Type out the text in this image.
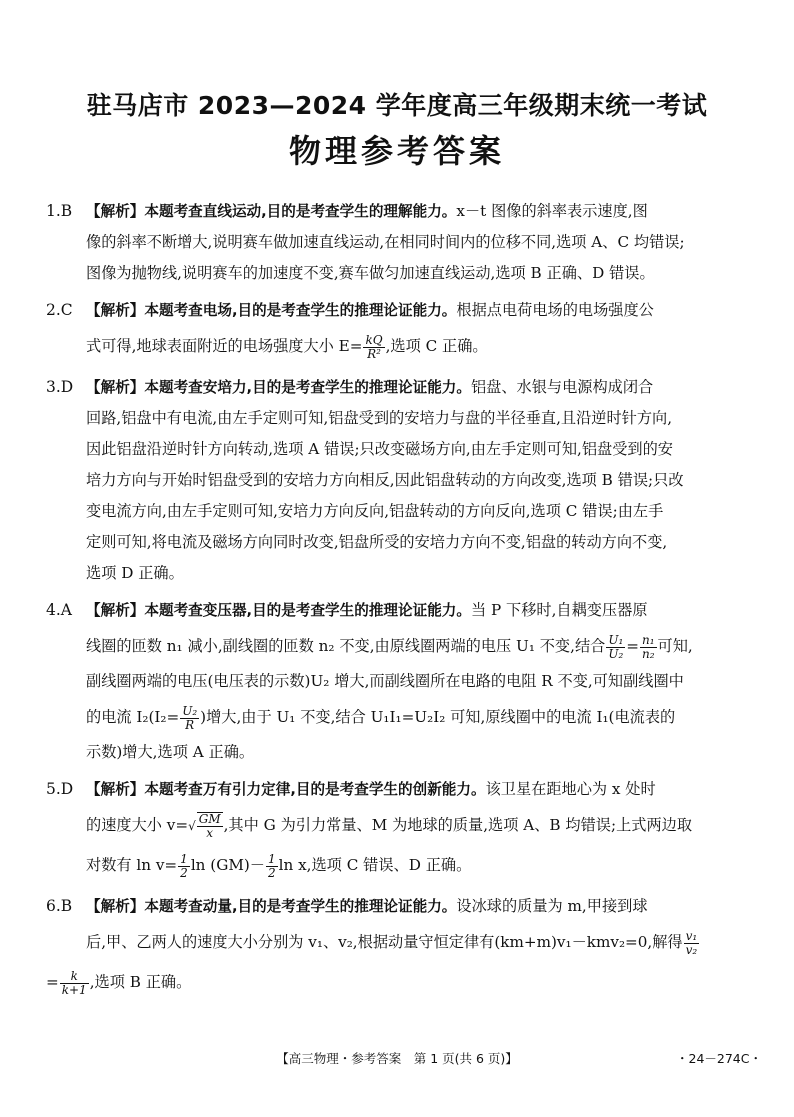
驻马店市 2023—2024 学年度高三年级期末统一考试
物理参考答案
1.B 【解析】本题考查直线运动,目的是考查学生的理解能力。x－t 图像的斜率表示速度,图
像的斜率不断增大,说明赛车做加速直线运动,在相同时间内的位移不同,选项 A、C 均错误;
图像为抛物线,说明赛车的加速度不变,赛车做匀加速直线运动,选项 B 正确、D 错误。
2.C 【解析】本题考查电场,目的是考查学生的推理论证能力。根据点电荷电场的电场强度公
式可得,地球表面附近的电场强度大小 $E= \frac{kQ}{\text{R²}}$ ,选项 C 正确。
3.D 【解析】本题考查安培力,目的是考查学生的推理论证能力。铝盘、水银与电源构成闭合
回路,铝盘中有电流,由左手定则可知,铝盘受到的安培力与盘的半径垂直,且沿逆时针方向,
因此铝盘沿逆时针方向转动,选项 A 错误;只改变磁场方向,由左手定则可知,铝盘受到的安
培力方向与开始时铝盘受到的安培力方向相反,因此铝盘转动的方向改变,选项 B 错误;只改
变电流方向,由左手定则可知,安培力方向反向,铝盘转动的方向反向,选项 C 错误;由左手
定则可知,将电流及磁场方向同时改变,铝盘所受的安培力方向不变,铝盘的转动方向不变,
选项 D 正确。
4.A 【解析】本题考查变压器,目的是考查学生的推理论证能力。当 P 下移时,自耦变压器原
线圈的匝数 n₁ 减小,副线圈的匝数 n₂ 不变,由原线圈两端的电压 U₁ 不变,结合 $\frac{\text{U₁}}{\text{U₂}} = \frac{\text{n₁}}{\text{n₂}}$ 可知,
副线圈两端的电压(电压表的示数)U₂ 增大,而副线圈所在电路的电阻 R 不变,可知副线圈中
的电流 $I_2(I_2= \frac{\text{U₂}}{R}$ )增大,由于 U₁ 不变,结合 U₁I₁=U₂I₂ 可知,原线圈中的电流 I₁(电流表的
示数)增大,选项 A 正确。
5.D 【解析】本题考查万有引力定律,目的是考查学生的创新能力。该卫星在距地心为 x 处时
的速度大小 $v=√ \frac{GM}{x}$ ,其中 G 为引力常量、M 为地球的质量,选项 A、B 均错误;上式两边取
对数有 $\ln v= \frac{1}{2}$ $\ln (GM)- \frac{1}{2}$ ln x,选项 C 错误、D 正确。
6.B 【解析】本题考查动量,目的是考查学生的推理论证能力。设冰球的质量为 m,甲接到球
后,甲、乙两人的速度大小分别为 v₁、v₂,根据动量守恒定律有(km+m)v₁－kmv₂=0,解得 $\frac{\text{v₁}}{\text{v₂}}$
= $\frac{k}{k+1}$ ,选项 B 正确。
【高三物理・参考答案　第 1 页(共 6 页)】	・24－274C・
